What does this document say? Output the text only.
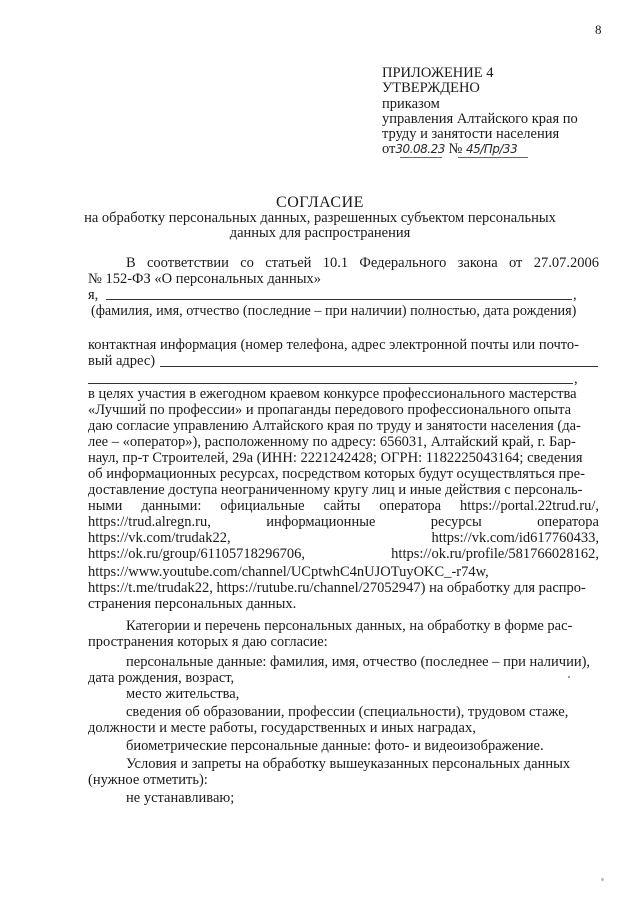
8
ПРИЛОЖЕНИЕ 4
УТВЕРЖДЕНО
приказом
управления Алтайского края по
труду и занятости населения
от30.08.23 № 45/Пр/33
СОГЛАСИЕ
на обработку персональных данных, разрешенных субъектом персональных
данных для распространения
В соответствии со статьей 10.1 Федерального закона от 27.07.2006
№ 152-ФЗ «О персональных данных»
я,	,
(фамилия, имя, отчество (последние – при наличии) полностью, дата рождения)
контактная информация (номер телефона, адрес электронной почты или почто-
вый адрес)
,
в целях участия в ежегодном краевом конкурсе профессионального мастерства
«Лучший по профессии» и пропаганды передового профессионального опыта
даю согласие управлению Алтайского края по труду и занятости населения (да-
лее – «оператор»), расположенному по адресу: 656031, Алтайский край, г. Бар-
наул, пр-т Строителей, 29а (ИНН: 2221242428; ОГРН: 1182225043164; сведения
об информационных ресурсах, посредством которых будут осуществляться пре-
доставление доступа неограниченному кругу лиц и иные действия с персональ-
ными данными: официальные сайты оператора https://portal.22trud.ru/,
https://trud.alregn.ru,	информационные	ресурсы	оператора
https://vk.com/trudak22,	https://vk.com/id617760433,
https://ok.ru/group/61105718296706,	https://ok.ru/profile/581766028162,
https://www.youtube.com/channel/UCptwhC4nUJOTuyOKC_-r74w,
https://t.me/trudak22, https://rutube.ru/channel/27052947) на обработку для распро-
странения персональных данных.
Категории и перечень персональных данных, на обработку в форме рас-
пространения которых я даю согласие:
персональные данные: фамилия, имя, отчество (последнее – при наличии),
дата рождения, возраст,
место жительства,
сведения об образовании, профессии (специальности), трудовом стаже,
должности и месте работы, государственных и иных наградах,
биометрические персональные данные: фото- и видеоизображение.
Условия и запреты на обработку вышеуказанных персональных данных
(нужное отметить):
не устанавливаю;
